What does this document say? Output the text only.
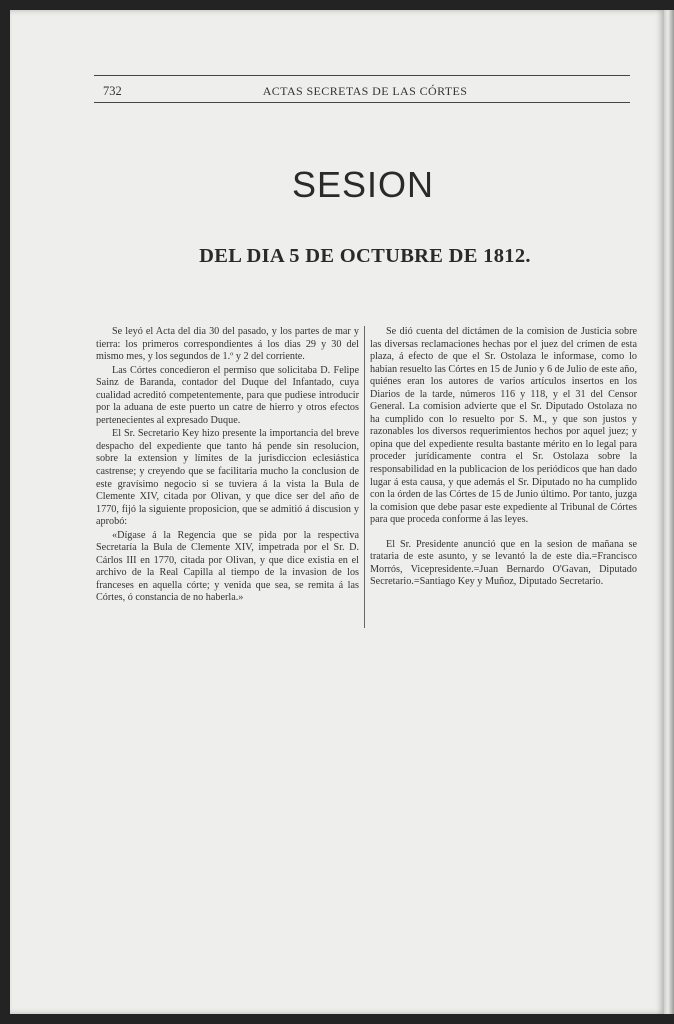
732	ACTAS SECRETAS DE LAS CÓRTES
SESION
DEL DIA 5 DE OCTUBRE DE 1812.

Se leyó el Acta del dia 30 del pasado, y los partes de mar y tierra: los primeros correspondientes á los dias 29 y 30 del mismo mes, y los segundos de 1.º y 2 del corriente.

Las Córtes concedieron el permiso que solicitaba D. Felipe Sainz de Baranda, contador del Duque del Infantado, cuya cualidad acreditó competentemente, para que pudiese introducir por la aduana de este puerto un catre de hierro y otros efectos pertenecientes al expresado Duque.

El Sr. Secretario Key hizo presente la importancia del breve despacho del expediente que tanto há pende sin resolucion, sobre la extension y límites de la jurisdiccion eclesiástica castrense; y creyendo que se facilitaria mucho la conclusion de este gravísimo negocio si se tuviera á la vista la Bula de Clemente XIV, citada por Olivan, y que dice ser del año de 1770, fijó la siguiente proposicion, que se admitió á discusion y aprobó:

«Dígase á la Regencia que se pida por la respectiva Secretaría la Bula de Clemente XIV, impetrada por el Sr. D. Cárlos III en 1770, citada por Olivan, y que dice existia en el archivo de la Real Capilla al tiempo de la invasion de los franceses en aquella córte; y venida que sea, se remita á las Córtes, ó constancia de no haberla.»

Se dió cuenta del dictámen de la comision de Justicia sobre las diversas reclamaciones hechas por el juez del crímen de esta plaza, á efecto de que el Sr. Ostolaza le informase, como lo habian resuelto las Córtes en 15 de Junio y 6 de Julio de este año, quiénes eran los autores de varios artículos insertos en los Diarios de la tarde, números 116 y 118, y el 31 del Censor General. La comision advierte que el Sr. Diputado Ostolaza no ha cumplido con lo resuelto por S. M., y que son justos y razonables los diversos requerimientos hechos por aquel juez; y opina que del expediente resulta bastante mérito en lo legal para proceder jurídicamente contra el Sr. Ostolaza sobre la responsabilidad en la publicacion de los periódicos que han dado lugar á esta causa, y que además el Sr. Diputado no ha cumplido con la órden de las Córtes de 15 de Junio último. Por tanto, juzga la comision que debe pasar este expediente al Tribunal de Córtes para que proceda conforme á las leyes.

El Sr. Presidente anunció que en la sesion de mañana se trataria de este asunto, y se levantó la de este dia.=Francisco Morrós, Vicepresidente.=Juan Bernardo O'Gavan, Diputado Secretario.=Santiago Key y Muñoz, Diputado Secretario.
